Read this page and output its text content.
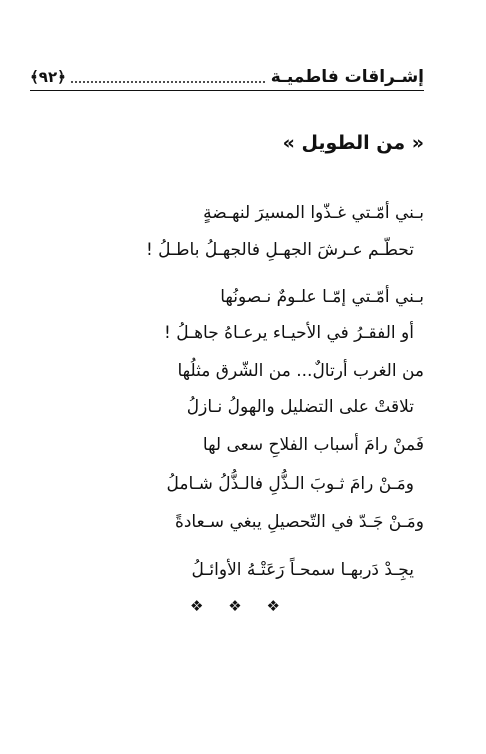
إشـراقات فاطميـة
﴿٩٢﴾
« من الطويل »
بـني أمّـتي غـذّوا المسيرَ لنهـضةٍ
تحطّـم عـرشَ الجهـلِ فالجهـلُ باطـلُ !
بـني أمّـتي إمّـا علـومٌ نـصونُها
أو الفقـرُ في الأحيـاء يرعـاهُ جاهـلُ !
من الغرب أرتالٌ... من الشّرق مثلُها
تلاقتْ على التضليل والهولُ نـازلُ
فَمنْ رامَ أسباب الفلاحِ سعى لها
ومَـنْ رامَ ثـوبَ الـذُّلِ فالـذُّلُ شـاملُ
ومَـنْ جَـدّ في التّحصيلِ يبغي سـعادةً
يجِـدْ دَربهـا سمحـاً رَعَتْـهُ الأوائـلُ
❖ ❖ ❖
